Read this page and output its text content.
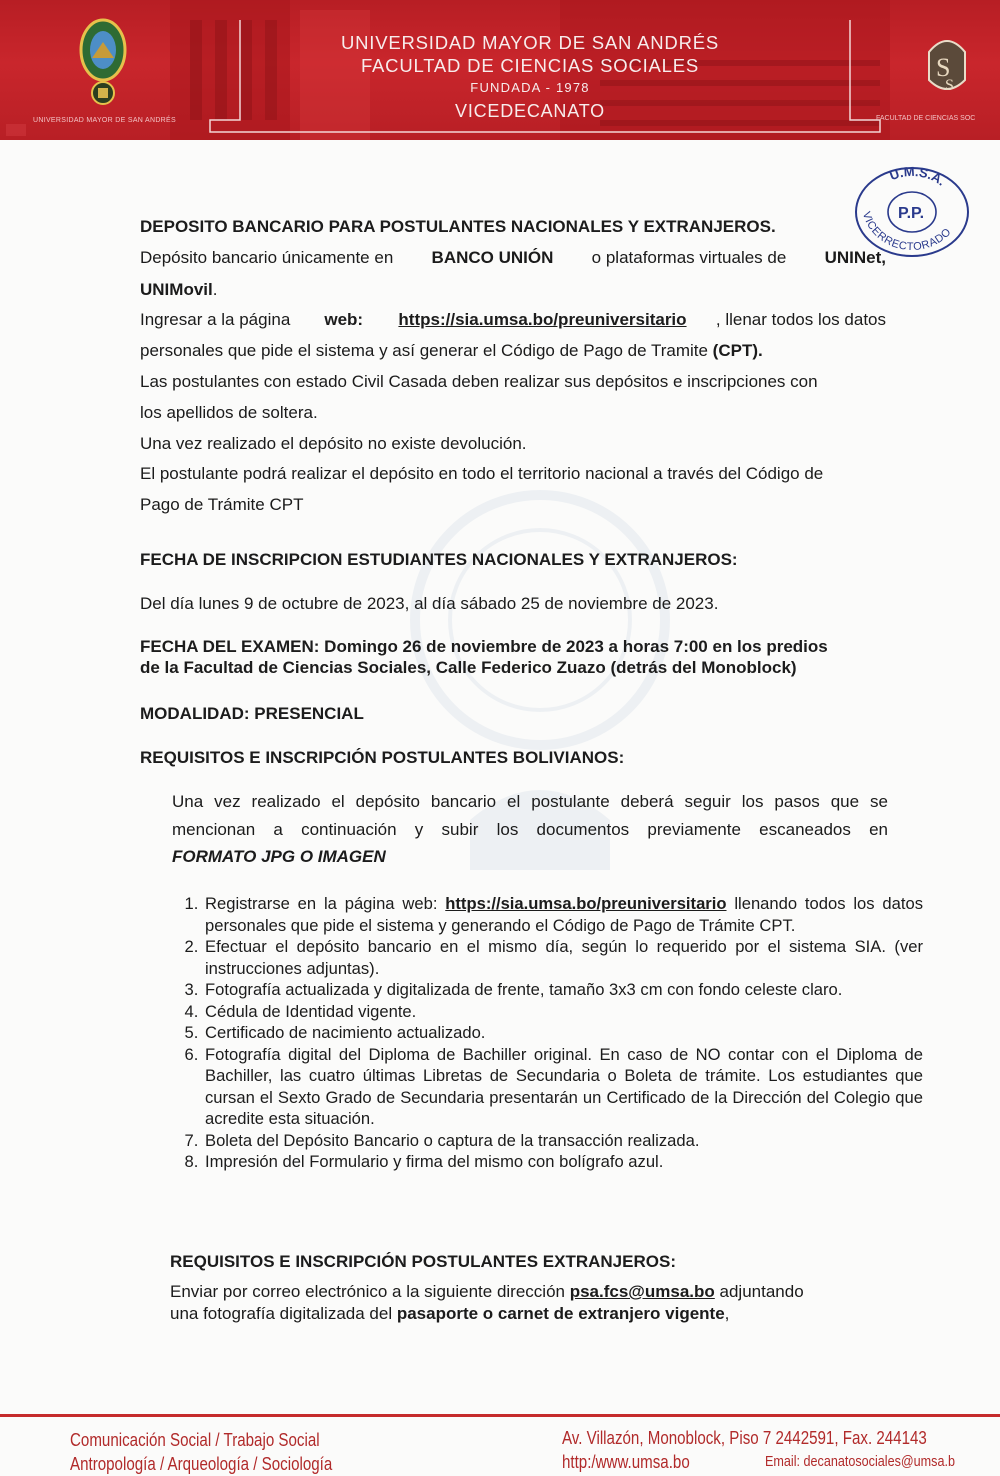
UNIVERSIDAD MAYOR DE SAN ANDRÉS
UNIVERSIDAD MAYOR DE SAN ANDRÉS
FACULTAD DE CIENCIAS SOCIALES
FUNDADA - 1978
VICEDECANATO
S
S
FACULTAD DE CIENCIAS SOC
U.M.S.A.
P.P.
VICERRECTORADO
DEPOSITO BANCARIO PARA POSTULANTES NACIONALES Y EXTRANJEROS.
Depósito bancario únicamente en BANCO UNIÓN o plataformas virtuales de UNINet,
UNIMovil.
Ingresar a la página web: https://sia.umsa.bo/preuniversitario , llenar todos los datos
personales que pide el sistema y así generar el Código de Pago de Tramite (CPT).
Las postulantes con estado Civil Casada deben realizar sus depósitos e inscripciones con
los apellidos de soltera.
Una vez realizado el depósito no existe devolución.
El postulante podrá realizar el depósito en todo el territorio nacional a través del Código de
Pago de Trámite CPT
FECHA DE INSCRIPCION ESTUDIANTES NACIONALES Y EXTRANJEROS:
Del día lunes 9 de octubre de 2023, al día sábado 25 de noviembre de 2023.
FECHA DEL EXAMEN: Domingo 26 de noviembre de 2023 a horas 7:00 en los predios
de la Facultad de Ciencias Sociales, Calle Federico Zuazo (detrás del Monoblock)
MODALIDAD: PRESENCIAL
REQUISITOS E INSCRIPCIÓN POSTULANTES BOLIVIANOS:
Una vez realizado el depósito bancario el postulante deberá seguir los pasos que se
mencionan a continuación y subir los documentos previamente escaneados en
FORMATO JPG O IMAGEN
1. Registrarse en la página web: https://sia.umsa.bo/preuniversitario llenando todos los datos personales que pide el sistema y generando el Código de Pago de Trámite CPT.
2. Efectuar el depósito bancario en el mismo día, según lo requerido por el sistema SIA. (ver instrucciones adjuntas).
3. Fotografía actualizada y digitalizada de frente, tamaño 3x3 cm con fondo celeste claro.
4. Cédula de Identidad vigente.
5. Certificado de nacimiento actualizado.
6. Fotografía digital del Diploma de Bachiller original. En caso de NO contar con el Diploma de Bachiller, las cuatro últimas Libretas de Secundaria o Boleta de trámite. Los estudiantes que cursan el Sexto Grado de Secundaria presentarán un Certificado de la Dirección del Colegio que acredite esta situación.
7. Boleta del Depósito Bancario o captura de la transacción realizada.
8. Impresión del Formulario y firma del mismo con bolígrafo azul.
REQUISITOS E INSCRIPCIÓN POSTULANTES EXTRANJEROS:
Enviar por correo electrónico a la siguiente dirección psa.fcs@umsa.bo adjuntando
una fotografía digitalizada del pasaporte o carnet de extranjero vigente,
Comunicación Social / Trabajo Social
Antropología / Arqueología / Sociología
Av. Villazón, Monoblock, Piso 7 2442591, Fax. 244143
http:/www.umsa.bo	Email: decanatosociales@umsa.b
